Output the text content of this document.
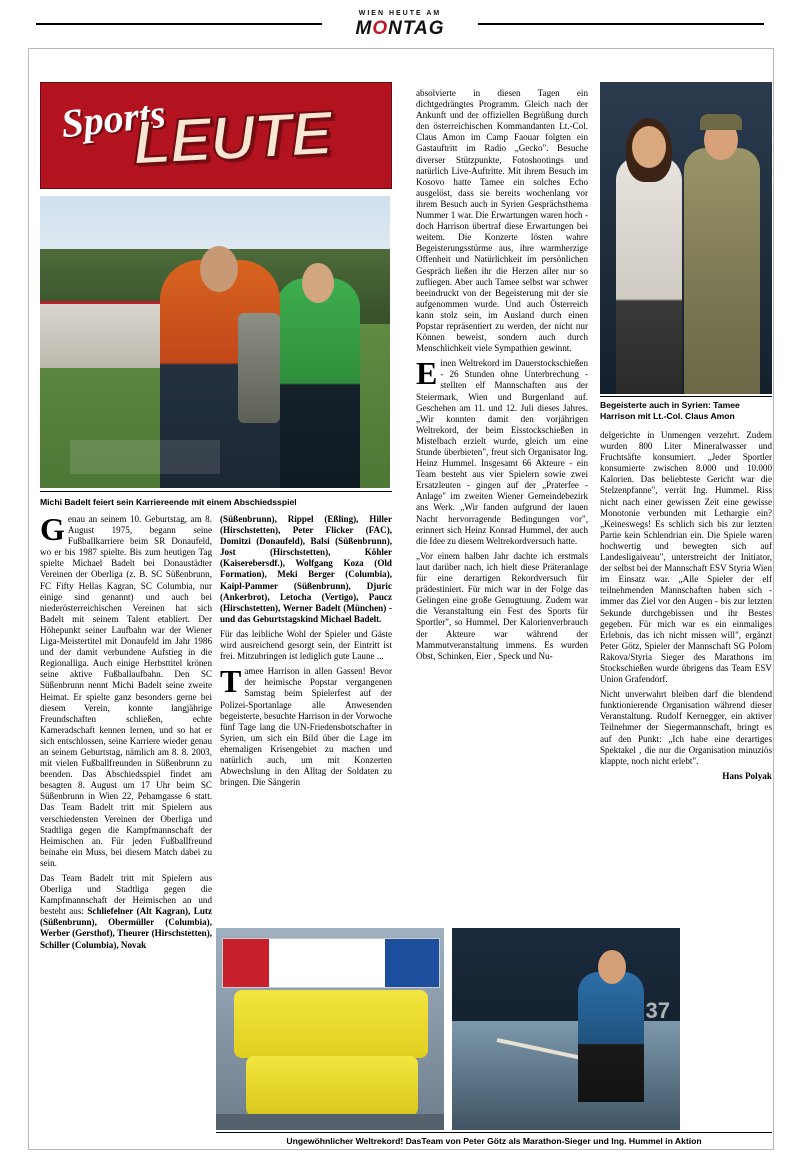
WIEN HEUTE AM
MONTAG
Sports
LEUTE
Michi Badelt feiert sein Karriereende mit einem Abschiedsspiel
Begeisterte auch in Syrien: Tamee Harrison mit Lt.-Col. Claus Amon
37
Ungewöhnlicher Weltrekord! DasTeam von Peter Götz als Marathon-Sieger und Ing. Hummel in Aktion

Genau an seinem 10. Geburtstag, am 8. August 1975, begann seine Fußballkarriere beim SR Donaufeld, wo er bis 1987 spielte. Bis zum heutigen Tag spielte Michael Badelt bei Donaustädter Vereinen der Oberliga (z. B. SC Süßenbrunn, FC Fifty Hellas Kagran, SC Columbia, nur einige sind genannt) und auch bei niederösterreichischen Vereinen hat sich Badelt mit seinem Talent etabliert. Der Höhepunkt seiner Laufbahn war der Wiener Liga-Meistertitel mit Donaufeld im Jahr 1986 und der damit verbundene Aufstieg in die Regionalliga. Auch einige Herbsttitel krönen seine aktive Fußballaufbahn. Den SC Süßenbrunn nennt Michi Badelt seine zweite Heimat. Er spielte ganz besonders gerne bei diesem Verein, konnte langjährige Freundschaften schließen, echte Kameradschaft kennen lernen, und so hat er sich entschlossen, seine Karriere wieder genau an seinem Geburtstag, nämlich am 8. 8. 2003, mit vielen Fußballfreunden in Süßenbrunn zu beenden. Das Abschiedsspiel findet am besagten 8. August um 17 Uhr beim SC Süßenbrunn in Wien 22, Pehamgasse 6 statt. Das Team Badelt tritt mit Spielern aus verschiedensten Vereinen der Oberliga und Stadtliga gegen die Kampfmannschaft der Heimischen an. Für jeden Fußballfreund beinahe ein Muss, bei diesem Match dabei zu sein.

Das Team Badelt tritt mit Spielern aus Oberliga und Stadtliga gegen die Kampfmannschaft der Heimischen an und besteht aus: Schliefelner (Alt Kagran), Lutz (Süßenbrunn), Obermüller (Columbia), Werber (Gersthof), Theurer (Hirschstetten), Schiller (Columbia), Novak

(Süßenbrunn), Rippel (Eßling), Hiller (Hirschstetten), Peter Flicker (FAC), Domitzi (Donaufeld), Balsi (Süßenbrunn), Jost (Hirschstetten), Köhler (Kaiserebersdf.), Wolfgang Koza (Old Formation), Meki Berger (Columbia), Kaipl-Pammer (Süßenbrunn), Djuric (Ankerbrot), Letocha (Vertigo), Paucz (Hirschstetten), Werner Badelt (München) - und das Geburtstagskind Michael Badelt.

Für das leibliche Wohl der Spieler und Gäste wird ausreichend gesorgt sein, der Eintritt ist frei. Mitzubringen ist lediglich gute Laune ...

Tamee Harrison in allen Gassen! Bevor der heimische Popstar vergangenen Samstag beim Spielerfest auf der Polizei-Sportanlage alle Anwesenden begeisterte, besuchte Harrison in der Vorwoche fünf Tage lang die UN-Friedensbotschafter in Syrien, um sich ein Bild über die Lage im ehemaligen Krisengebiet zu machen und natürlich auch, um mit Konzerten Abwechslung in den Alltag der Soldaten zu bringen. Die Sängerin

absolvierte in diesen Tagen ein dichtgedrängtes Programm. Gleich nach der Ankunft und der offiziellen Begrüßung durch den österreichischen Kommandanten Lt.-Col. Claus Amon im Camp Faouar folgten ein Gastauftritt im Radio „Gecko". Besuche diverser Stützpunkte, Fotoshootings und natürlich Live-Auftritte. Mit ihrem Besuch im Kosovo hatte Tamee ein solches Echo ausgelöst, dass sie bereits wochenlang vor ihrem Besuch auch in Syrien Gesprächsthema Nummer 1 war. Die Erwartungen waren hoch - doch Harrison übertraf diese Erwartungen bei weitem. Die Konzerte lösten wahre Begeisterungsstürme aus, ihre warmherzige Offenheit und Natürlichkeit im persönlichen Gespräch ließen ihr die Herzen aller nur so zufliegen. Aber auch Tamee selbst war schwer beeindruckt von der Begeisterung mit der sie aufgenommen wurde. Und auch Österreich kann stolz sein, im Ausland durch einen Popstar repräsentiert zu werden, der nicht nur Können beweist, sondern auch durch Menschlichkeit viele Sympathien gewinnt.

Einen Weltrekord im Dauerstockschießen - 26 Stunden ohne Unterbrechung - stellten elf Mannschaften aus der Steiermark, Wien und Burgenland auf. Geschehen am 11. und 12. Juli dieses Jahres. „Wir konnten damit den vorjährigen Weltrekord, der beim Eisstockschießen in Mistelbach erzielt wurde, gleich um eine Stunde überbieten", freut sich Organisator Ing. Heinz Hummel. Insgesamt 66 Akteure - ein Team besteht aus vier Spielern sowie zwei Ersatzleuten - gingen auf der „Praterfee - Anlage" im zweiten Wiener Gemeindebezirk ans Werk. „Wir fanden aufgrund der lauen Nacht hervorragende Bedingungen vor", erinnert sich Heinz Konrad Hummel, der auch die Idee zu diesem Weltrekordversuch hatte.

„Vor einem halben Jahr dachte ich erstmals laut darüber nach, ich hielt diese Präteranlage für eine derartigen Rekordversuch für prädestiniert. Für mich war in der Folge das Gelingen eine große Genugtuung. Zudem war die Veranstaltung ein Fest des Sports für Sportler", so Hummel. Der Kalorienverbrauch der Akteure war während der Mammutveranstaltung immens. Es wurden Obst, Schinken, Eier , Speck und Nu-

delgerichte in Unmengen verzehrt. Zudem wurden 800 Liter Mineralwasser und Fruchtsäfte konsumiert. „Jeder Sportler konsumierte zwischen 8.000 und 10.000 Kalorien. Das beliebteste Gericht war die Stelzenpfanne", verrät Ing. Hummel. Riss nicht nach einer gewissen Zeit eine gewisse Monotonie verbunden mit Lethargie ein? „Keineswegs! Es schlich sich bis zur letzten Partie kein Schlendrian ein. Die Spiele waren hochwertig und bewegten sich auf Landesligaiveau", unterstreicht der Initiator, der selbst bei der Mannschaft ESV Styria Wien im Einsatz war. „Alle Spieler der elf teilnehmenden Mannschaften haben sich - immer das Ziel vor den Augen - bis zur letzten Sekunde durchgebissen und ihr Bestes gegeben. Für mich war es ein einmaliges Erlebnis, das ich nicht missen will", ergänzt Peter Götz, Spieler der Mannschaft SG Polom Rakova/Styria Sieger des Marathons im Stockschießen wurde übrigens das Team ESV Union Grafendorf.

Nicht unverwahrt bleiben darf die blendend funktionierende Organisation während dieser Veranstaltung. Rudolf Kernegger, ein aktiver Teilnehmer der Siegermannschaft, bringt es auf den Punkt: „Ich habe eine derartiges Spektakel , die nur die Organisation minuziös klappte, noch nicht erlebt".

Hans Polyak
